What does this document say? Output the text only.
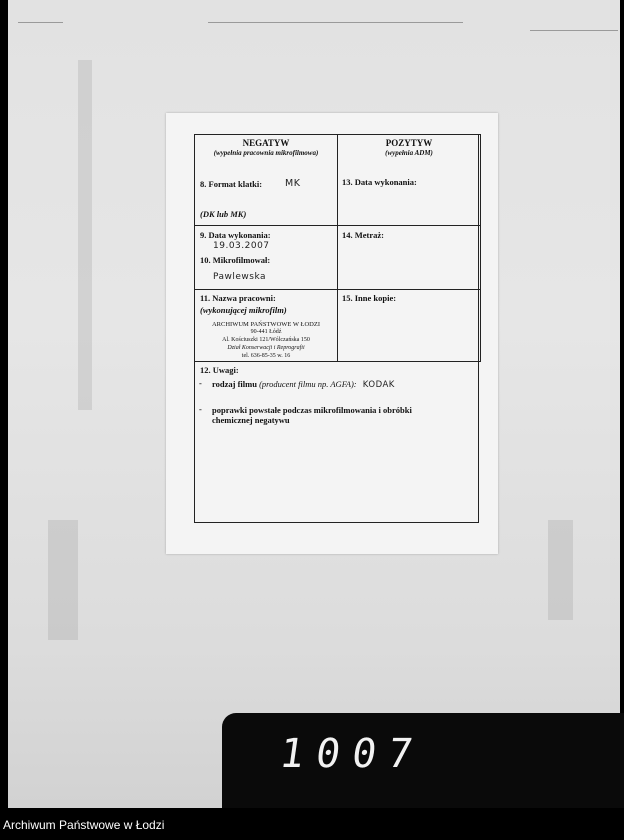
NEGATYW
(wypełnia pracownia mikrofilmowa)
8. Format klatki: MK
(DK lub MK)
POZYTYW
(wypełnia ADM)
13. Data wykonania:
9. Data wykonania:
19.03.2007
10. Mikrofilmował:
Pawlewska
14. Metraż:
11. Nazwa pracowni:
(wykonującej mikrofilm)
ARCHIWUM PAŃSTWOWE W ŁODZI
90-441 Łódź
Al. Kościuszki 121/Wólczańska 150
Dział Konserwacji i Reprografii
tel. 636-85-35 w. 16
15. Inne kopie:
12. Uwagi:
- rodzaj filmu (producent filmu np. AGFA): KODAK
- poprawki powstałe podczas mikrofilmowania i obróbki
chemicznej negatywu
1007
Archiwum Państwowe w Łodzi
